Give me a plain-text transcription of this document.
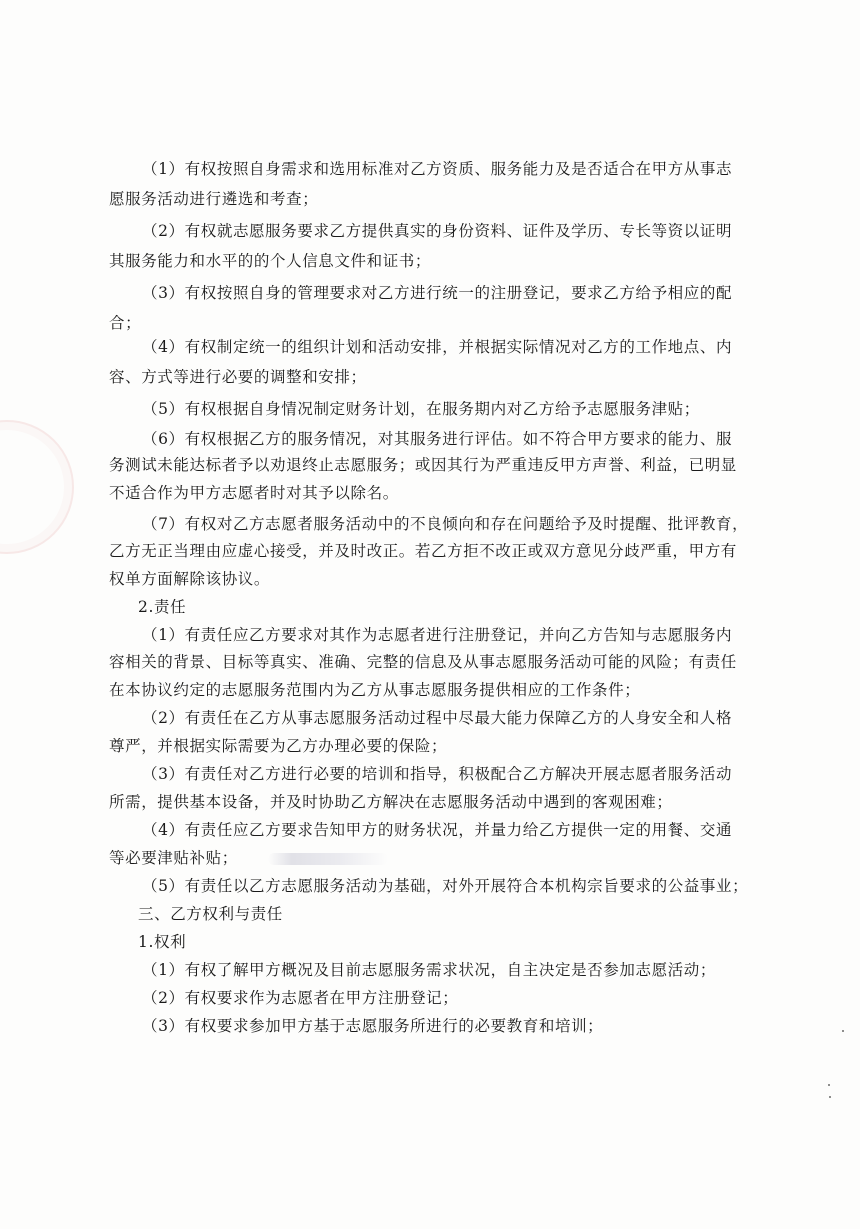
（1）有权按照自身需求和选用标准对乙方资质、服务能力及是否适合在甲方从事志
愿服务活动进行遴选和考查；
（2）有权就志愿服务要求乙方提供真实的身份资料、证件及学历、专长等资以证明
其服务能力和水平的的个人信息文件和证书；
（3）有权按照自身的管理要求对乙方进行统一的注册登记，要求乙方给予相应的配
合；
（4）有权制定统一的组织计划和活动安排，并根据实际情况对乙方的工作地点、内
容、方式等进行必要的调整和安排；
（5）有权根据自身情况制定财务计划，在服务期内对乙方给予志愿服务津贴；
（6）有权根据乙方的服务情况，对其服务进行评估。如不符合甲方要求的能力、服
务测试未能达标者予以劝退终止志愿服务；或因其行为严重违反甲方声誉、利益，已明显
不适合作为甲方志愿者时对其予以除名。
（7）有权对乙方志愿者服务活动中的不良倾向和存在问题给予及时提醒、批评教育，
乙方无正当理由应虚心接受，并及时改正。若乙方拒不改正或双方意见分歧严重，甲方有
权单方面解除该协议。
2.责任
（1）有责任应乙方要求对其作为志愿者进行注册登记，并向乙方告知与志愿服务内
容相关的背景、目标等真实、准确、完整的信息及从事志愿服务活动可能的风险；有责任
在本协议约定的志愿服务范围内为乙方从事志愿服务提供相应的工作条件；
（2）有责任在乙方从事志愿服务活动过程中尽最大能力保障乙方的人身安全和人格
尊严，并根据实际需要为乙方办理必要的保险；
（3）有责任对乙方进行必要的培训和指导，积极配合乙方解决开展志愿者服务活动
所需，提供基本设备，并及时协助乙方解决在志愿服务活动中遇到的客观困难；
（4）有责任应乙方要求告知甲方的财务状况，并量力给乙方提供一定的用餐、交通
等必要津贴补贴；
（5）有责任以乙方志愿服务活动为基础，对外开展符合本机构宗旨要求的公益事业；
三、乙方权利与责任
1.权利
（1）有权了解甲方概况及目前志愿服务需求状况，自主决定是否参加志愿活动；
（2）有权要求作为志愿者在甲方注册登记；
（3）有权要求参加甲方基于志愿服务所进行的必要教育和培训；
